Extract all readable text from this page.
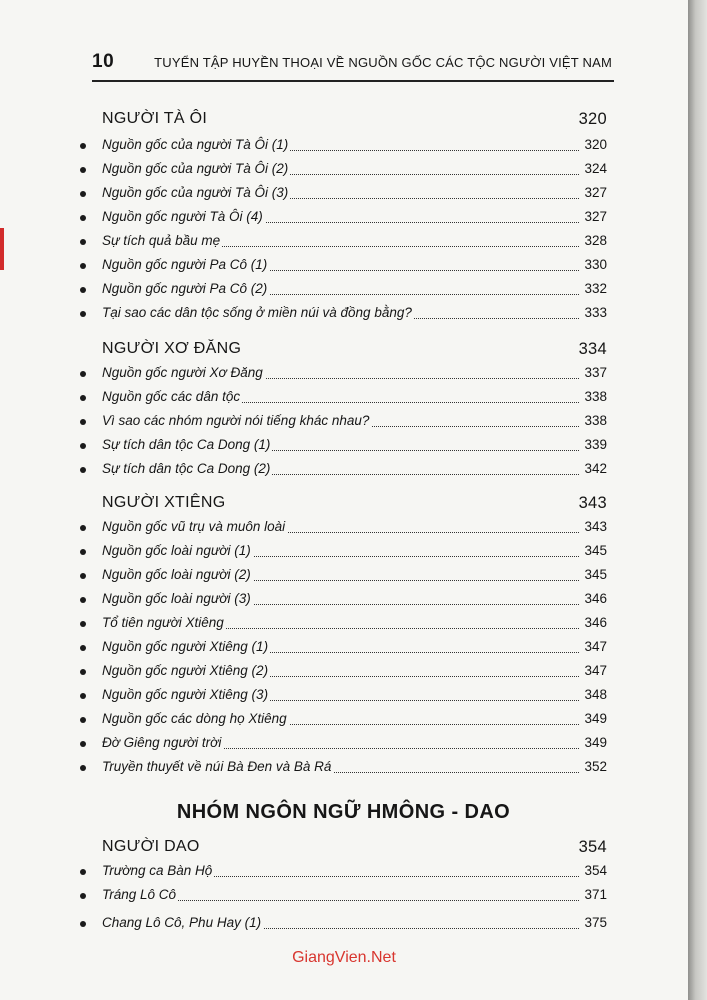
10	TUYỂN TẬP HUYỀN THOẠI VỀ NGUỒN GỐC CÁC TỘC NGƯỜI VIỆT NAM
NGƯỜI TÀ ÔI	320
Nguồn gốc của người Tà Ôi (1)	320
Nguồn gốc của người Tà Ôi (2)	324
Nguồn gốc của người Tà Ôi (3)	327
Nguồn gốc người Tà Ôi (4)	327
Sự tích quả bầu mẹ	328
Nguồn gốc người Pa Cô (1)	330
Nguồn gốc người Pa Cô (2)	332
Tại sao các dân tộc sống ở miền núi và đồng bằng?	333
NGƯỜI XƠ ĐĂNG	334
Nguồn gốc người Xơ Đăng	337
Nguồn gốc các dân tộc	338
Vì sao các nhóm người nói tiếng khác nhau?	338
Sự tích dân tộc Ca Dong (1)	339
Sự tích dân tộc Ca Dong (2)	342
NGƯỜI XTIÊNG	343
Nguồn gốc vũ trụ và muôn loài	343
Nguồn gốc loài người (1)	345
Nguồn gốc loài người (2)	345
Nguồn gốc loài người (3)	346
Tổ tiên người Xtiêng	346
Nguồn gốc người Xtiêng (1)	347
Nguồn gốc người Xtiêng (2)	347
Nguồn gốc người Xtiêng (3)	348
Nguồn gốc các dòng họ Xtiêng	349
Đờ Giêng người trời	349
Truyền thuyết về núi Bà Đen và Bà Rá	352
NHÓM NGÔN NGỮ HMÔNG - DAO
NGƯỜI DAO	354
Trường ca Bàn Hộ	354
Tráng Lô Cô	371
Chang Lô Cô, Phu Hay (1)	375
GiangVien.Net
